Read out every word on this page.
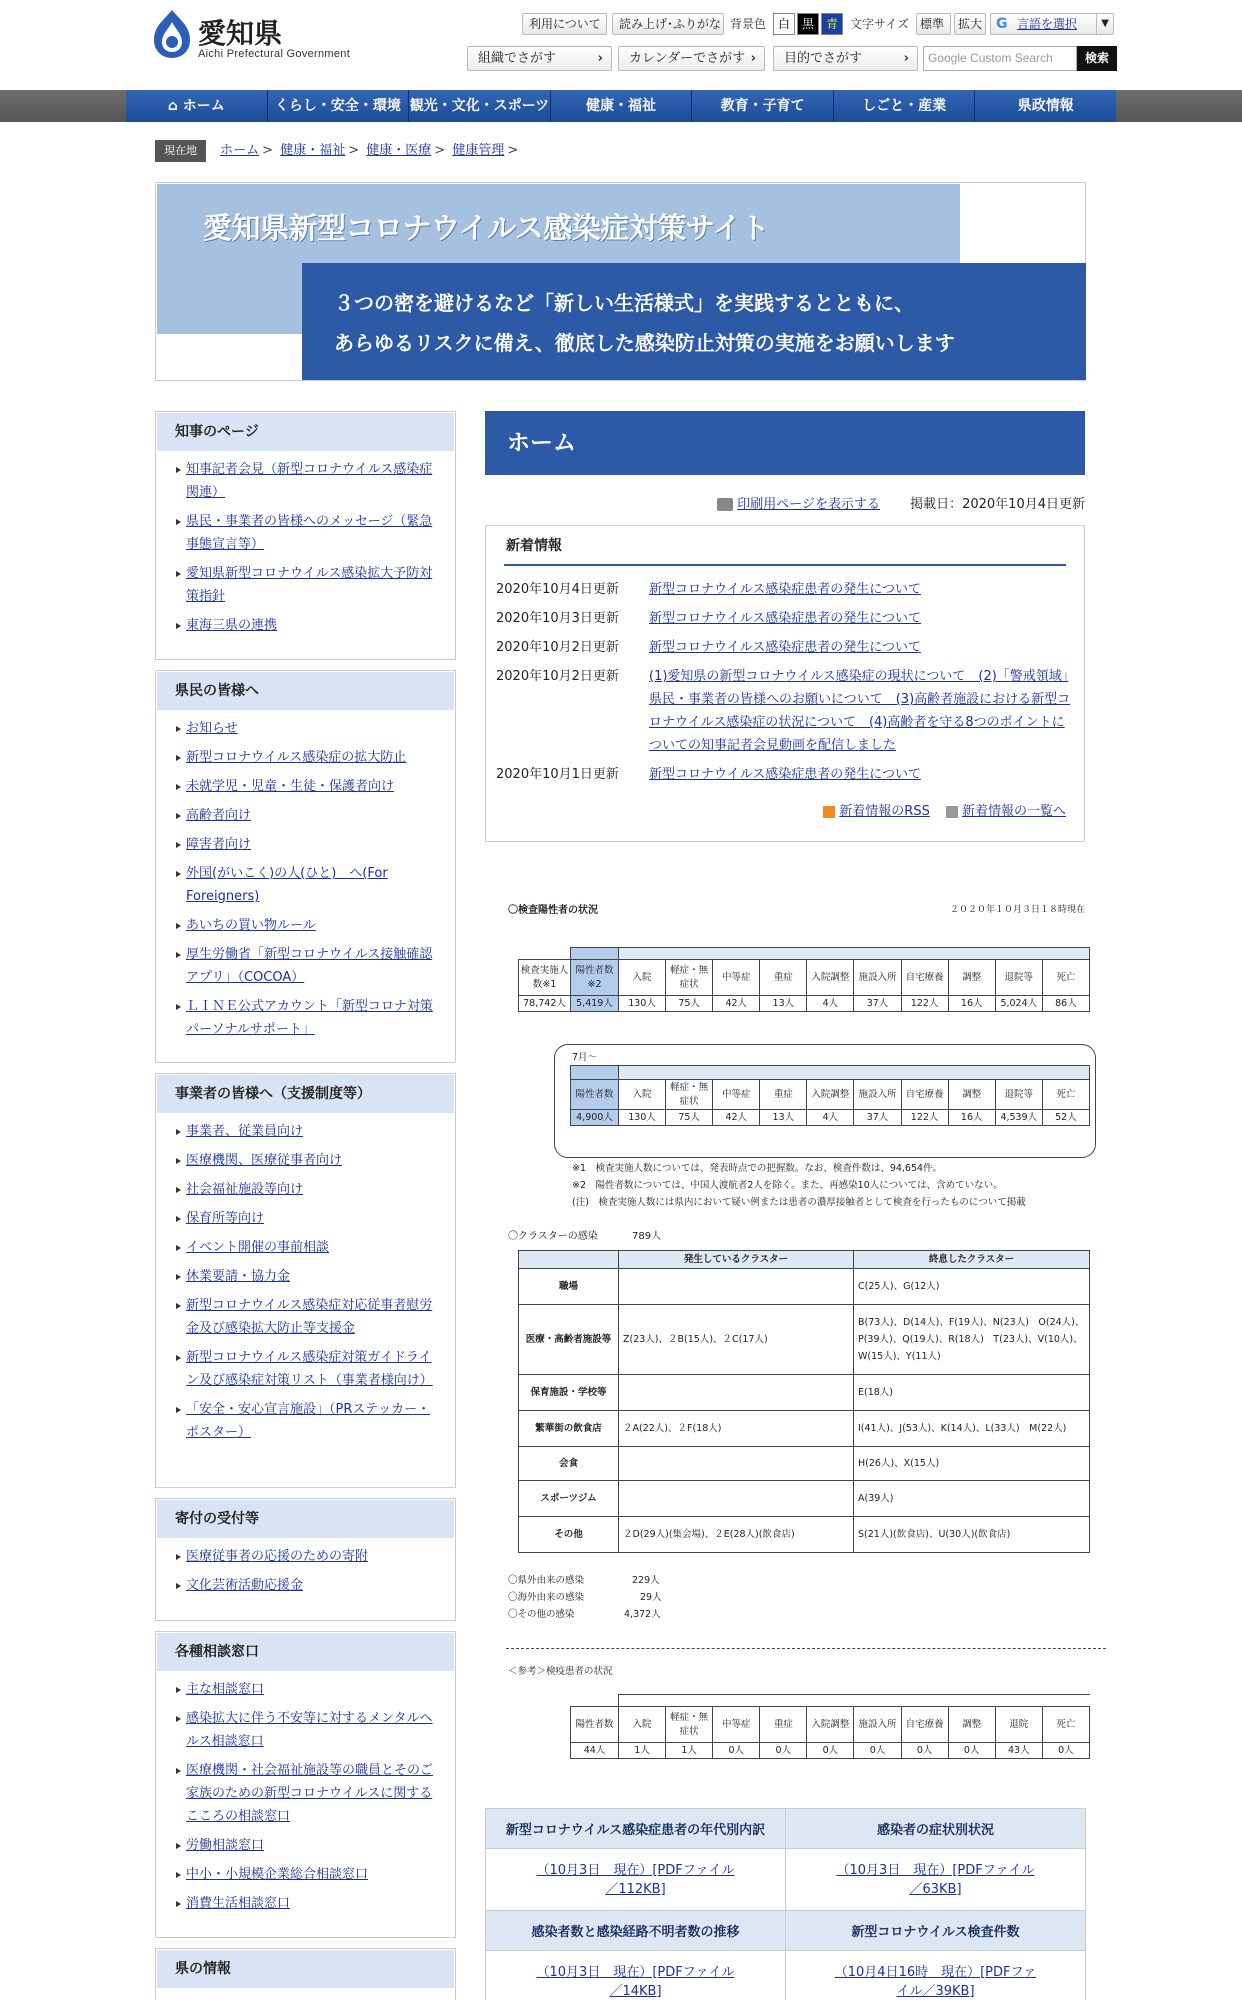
愛知県
Aichi Prefectural Government
利用について	読み上げ･ふりがな 背景色 白 黒 青	文字サイズ 標準	拡大 G 言語を選択	▼
組織でさがす	›	カレンダーでさがす ›	目的でさがす	›	Google Custom Search	検索
⌂ ホーム	くらし・安全・環境 観光・文化・スポーツ	健康・福祉	教育・子育て	しごと・産業	県政情報
現在地 ホーム > 健康・福祉 > 健康・医療 > 健康管理 >
愛知県新型コロナウイルス感染症対策サイト
３つの密を避けるなど「新しい生活様式」を実践するとともに、
あらゆるリスクに備え、徹底した感染防止対策の実施をお願いします
知事のページ
知事記者会見（新型コロナウイルス感染症関連）
県民・事業者の皆様へのメッセージ（緊急事態宣言等）
愛知県新型コロナウイルス感染拡大予防対策指針
東海三県の連携
県民の皆様へ
お知らせ
新型コロナウイルス感染症の拡大防止
未就学児・児童・生徒・保護者向け
高齢者向け
障害者向け
外国(がいこく)の人(ひと)　へ(For Foreigners)
あいちの買い物ルール
厚生労働省「新型コロナウイルス接触確認アプリ」（COCOA）
ＬＩＮＥ公式アカウント「新型コロナ対策パーソナルサポート」
事業者の皆様へ（支援制度等）
事業者、従業員向け
医療機関、医療従事者向け
社会福祉施設等向け
保育所等向け
イベント開催の事前相談
休業要請・協力金
新型コロナウイルス感染症対応従事者慰労金及び感染拡大防止等支援金
新型コロナウイルス感染症対策ガイドライン及び感染症対策リスト（事業者様向け）
「安全・安心宣言施設」（PRステッカー・ポスター）
寄付の受付等
医療従事者の応援のための寄附
文化芸術活動応援金
各種相談窓口
主な相談窓口
感染拡大に伴う不安等に対するメンタルヘルス相談窓口
医療機関・社会福祉施設等の職員とそのご家族のための新型コロナウイルスに関するこころの相談窓口
労働相談窓口
中小・小規模企業総合相談窓口
消費生活相談窓口
県の情報
ホーム
印刷用ページを表示する 掲載日：2020年10月4日更新
新着情報
2020年10月4日更新	新型コロナウイルス感染症患者の発生について
2020年10月3日更新	新型コロナウイルス感染症患者の発生について
2020年10月2日更新	新型コロナウイルス感染症患者の発生について
2020年10月2日更新	(1)愛知県の新型コロナウイルス感染症の現状について　(2)「警戒領域」県民・事業者の皆様へのお願いについて　(3)高齢者施設における新型コロナウイルス感染症の状況について　(4)高齢者を守る8つのポイントについての知事記者会見動画を配信しました
2020年10月1日更新	新型コロナウイルス感染症患者の発生について
新着情報のRSS 新着情報の一覧へ
〇検査陽性者の状況	２０２０年１０月３日１８時現在

検査実施人数※1	陽性者数※2	入院	軽症・無症状	中等症	重症	入院調整	施設入所	自宅療養	調整	退院等	死亡
78,742人	5,419人	130人	75人	42人	13人	4人	37人	122人	16人	5,024人	86人
7月～

陽性者数	入院	軽症・無症状	中等症	重症	入院調整	施設入所	自宅療養	調整	退院等	死亡
4,900人	130人	75人	42人	13人	4人	37人	122人	16人	4,539人	52人
※1　検査実施人数については、発表時点での把握数。なお、検査件数は、94,654件。
※2　陽性者数については、中国人渡航者2人を除く。また、再感染10人については、含めていない。
(注)　検査実施人数には県内において疑い例または患者の濃厚接触者として検査を行ったものについて掲載
〇クラスターの感染	789人
	発生しているクラスター	終息したクラスター
職場		C(25人)、G(12人)
医療・高齢者施設等	Z(23人)、２B(15人)、２C(17人)	B(73人)、D(14人)、F(19人)、N(23人)　O(24人)、P(39人)、Q(19人)、R(18人)　T(23人)、V(10人)、W(15人)、Y(11人)
保育施設・学校等		E(18人)
繁華街の飲食店	２A(22人)、２F(18人)	I(41人)、J(53人)、K(14人)、L(33人)　M(22人)
会食		H(26人)、X(15人)
スポーツジム		A(39人)
その他	２D(29人)(集会場)、２E(28人)(飲食店)	S(21人)(飲食店)、U(30人)(飲食店)
〇県外由来の感染	229人
〇海外由来の感染	29人
〇その他の感染	4,372人
＜参考＞検疫患者の状況

陽性者数	入院	軽症・無症状	中等症	重症	入院調整	施設入所	自宅療養	調整	退院	死亡
44人	1人	1人	0人	0人	0人	0人	0人	0人	43人	0人
新型コロナウイルス感染症患者の年代別内訳	感染者の症状別状況
（10月3日　現在）[PDFファイル／112KB]	（10月3日　現在）[PDFファイル／63KB]
感染者数と感染経路不明者数の推移	新型コロナウイルス検査件数
（10月3日　現在）[PDFファイル／14KB]	（10月4日16時　現在）[PDFファイル／39KB]
